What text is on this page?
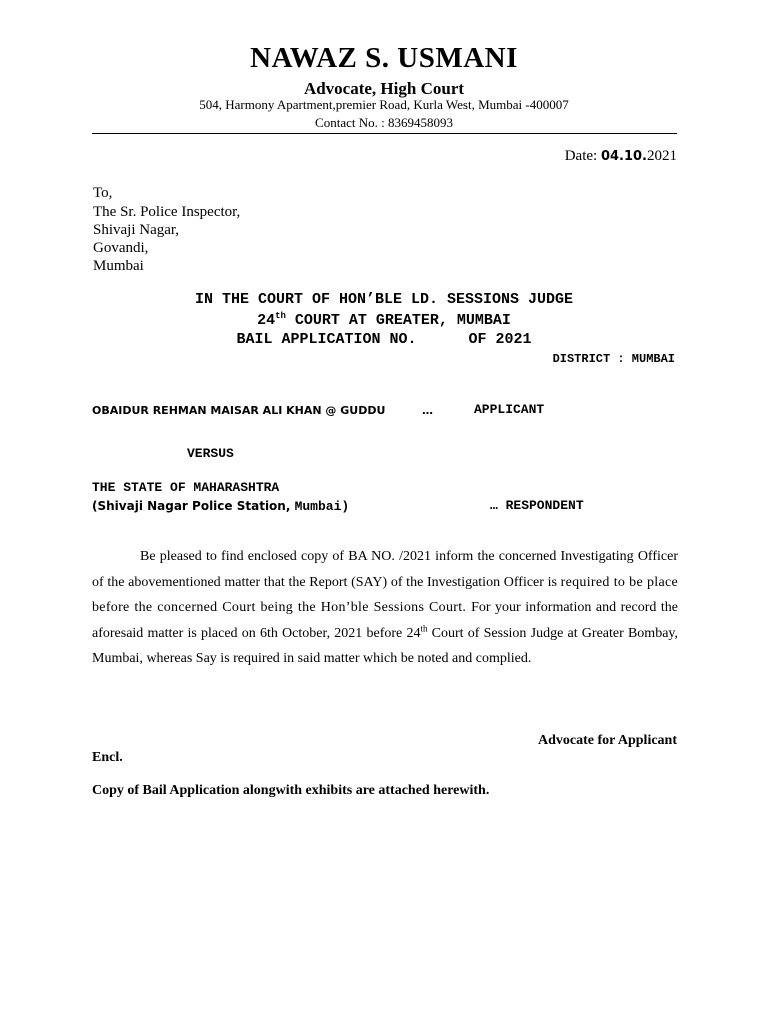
NAWAZ S. USMANI
Advocate, High Court
504, Harmony Apartment,premier Road, Kurla West, Mumbai -400007
Contact No. : 8369458093
Date: 04.10.2021
To,
The Sr. Police Inspector,
Shivaji Nagar,
Govandi,
Mumbai
IN THE COURT OF HON’BLE LD. SESSIONS JUDGE
24th COURT AT GREATER, MUMBAI
BAIL APPLICATION NO.	OF 2021
DISTRICT : MUMBAI
OBAIDUR REHMAN MAISAR ALI KHAN @ GUDDU	…	APPLICANT
VERSUS
THE STATE OF MAHARASHTRA
(Shivaji Nagar Police Station, Mumbai)	… RESPONDENT

Be pleased to find enclosed copy of BA NO. /2021 inform the concerned Investigating Officer of the abovementioned matter that the Report (SAY) of the Investigation Officer is required to be place before the concerned Court being the Hon’ble Sessions Court. For your information and record the aforesaid matter is placed on 6th October, 2021 before 24th Court of Session Judge at Greater Bombay, Mumbai, whereas Say is required in said matter which be noted and complied.

Advocate for Applicant
Encl.
Copy of Bail Application alongwith exhibits are attached herewith.
